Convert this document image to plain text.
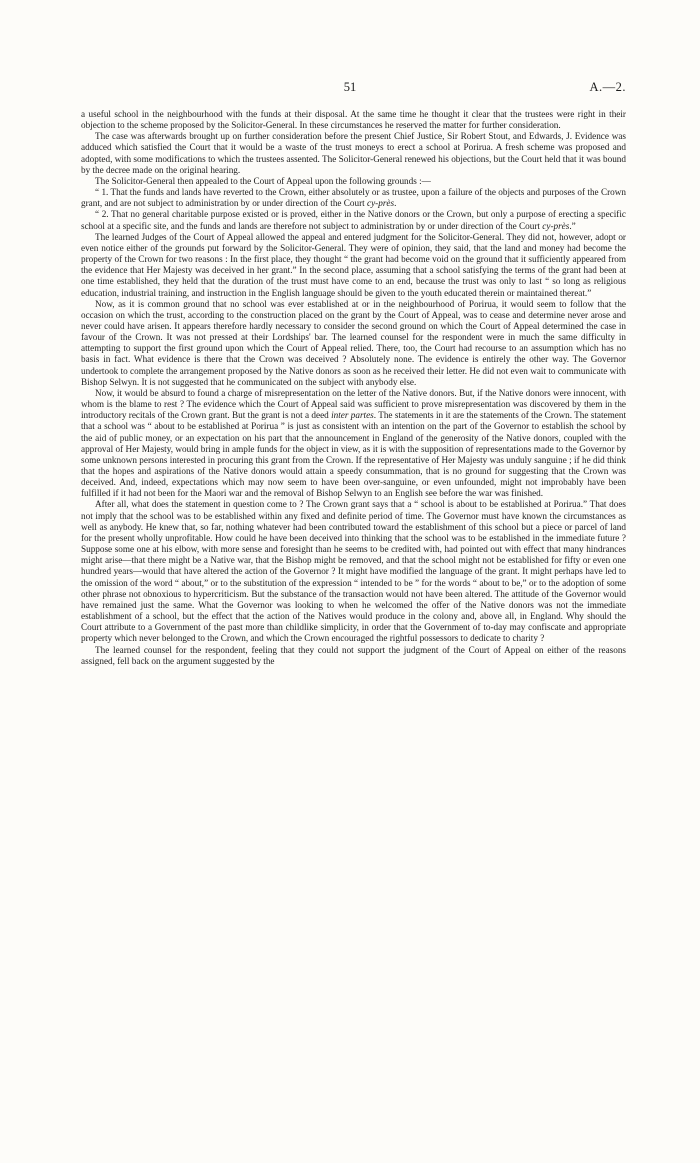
51	A.—2.

a useful school in the neighbourhood with the funds at their disposal. At the same time he thought it clear that the trustees were right in their objection to the scheme proposed by the Solicitor-General. In these circumstances he reserved the matter for further consideration.

The case was afterwards brought up on further consideration before the present Chief Justice, Sir Robert Stout, and Edwards, J. Evidence was adduced which satisfied the Court that it would be a waste of the trust moneys to erect a school at Porirua. A fresh scheme was proposed and adopted, with some modifications to which the trustees assented. The Solicitor-General renewed his objections, but the Court held that it was bound by the decree made on the original hearing.

The Solicitor-General then appealed to the Court of Appeal upon the following grounds :—

“ 1. That the funds and lands have reverted to the Crown, either absolutely or as trustee, upon a failure of the objects and purposes of the Crown grant, and are not subject to administration by or under direction of the Court cy-près.

“ 2. That no general charitable purpose existed or is proved, either in the Native donors or the Crown, but only a purpose of erecting a specific school at a specific site, and the funds and lands are therefore not subject to administration by or under direction of the Court cy-près.”

The learned Judges of the Court of Appeal allowed the appeal and entered judgment for the Solicitor-General. They did not, however, adopt or even notice either of the grounds put forward by the Solicitor-General. They were of opinion, they said, that the land and money had become the property of the Crown for two reasons : In the first place, they thought “ the grant had become void on the ground that it sufficiently appeared from the evidence that Her Majesty was deceived in her grant.” In the second place, assuming that a school satisfying the terms of the grant had been at one time established, they held that the duration of the trust must have come to an end, because the trust was only to last “ so long as religious education, industrial training, and instruction in the English language should be given to the youth educated therein or maintained thereat.”

Now, as it is common ground that no school was ever established at or in the neighbourhood of Porirua, it would seem to follow that the occasion on which the trust, according to the construction placed on the grant by the Court of Appeal, was to cease and determine never arose and never could have arisen. It appears therefore hardly necessary to consider the second ground on which the Court of Appeal determined the case in favour of the Crown. It was not pressed at their Lordships' bar. The learned counsel for the respondent were in much the same difficulty in attempting to support the first ground upon which the Court of Appeal relied. There, too, the Court had recourse to an assumption which has no basis in fact. What evidence is there that the Crown was deceived ? Absolutely none. The evidence is entirely the other way. The Governor undertook to complete the arrangement proposed by the Native donors as soon as he received their letter. He did not even wait to communicate with Bishop Selwyn. It is not suggested that he communicated on the subject with anybody else.

Now, it would be absurd to found a charge of misrepresentation on the letter of the Native donors. But, if the Native donors were innocent, with whom is the blame to rest ? The evidence which the Court of Appeal said was sufficient to prove misrepresentation was discovered by them in the introductory recitals of the Crown grant. But the grant is not a deed inter partes. The statements in it are the statements of the Crown. The statement that a school was “ about to be established at Porirua ” is just as consistent with an intention on the part of the Governor to establish the school by the aid of public money, or an expectation on his part that the announcement in England of the generosity of the Native donors, coupled with the approval of Her Majesty, would bring in ample funds for the object in view, as it is with the supposition of representations made to the Governor by some unknown persons interested in procuring this grant from the Crown. If the representative of Her Majesty was unduly sanguine ; if he did think that the hopes and aspirations of the Native donors would attain a speedy consummation, that is no ground for suggesting that the Crown was deceived. And, indeed, expectations which may now seem to have been over-sanguine, or even unfounded, might not improbably have been fulfilled if it had not been for the Maori war and the removal of Bishop Selwyn to an English see before the war was finished.

After all, what does the statement in question come to ? The Crown grant says that a “ school is about to be established at Porirua.” That does not imply that the school was to be established within any fixed and definite period of time. The Governor must have known the circumstances as well as anybody. He knew that, so far, nothing whatever had been contributed toward the establishment of this school but a piece or parcel of land for the present wholly unprofitable. How could he have been deceived into thinking that the school was to be established in the immediate future ? Suppose some one at his elbow, with more sense and foresight than he seems to be credited with, had pointed out with effect that many hindrances might arise—that there might be a Native war, that the Bishop might be removed, and that the school might not be established for fifty or even one hundred years—would that have altered the action of the Governor ? It might have modified the language of the grant. It might perhaps have led to the omission of the word “ about,” or to the substitution of the expression “ intended to be ” for the words “ about to be,” or to the adoption of some other phrase not obnoxious to hypercriticism. But the substance of the transaction would not have been altered. The attitude of the Governor would have remained just the same. What the Governor was looking to when he welcomed the offer of the Native donors was not the immediate establishment of a school, but the effect that the action of the Natives would produce in the colony and, above all, in England. Why should the Court attribute to a Government of the past more than childlike simplicity, in order that the Government of to-day may confiscate and appropriate property which never belonged to the Crown, and which the Crown encouraged the rightful possessors to dedicate to charity ?

The learned counsel for the respondent, feeling that they could not support the judgment of the Court of Appeal on either of the reasons assigned, fell back on the argument suggested by the
